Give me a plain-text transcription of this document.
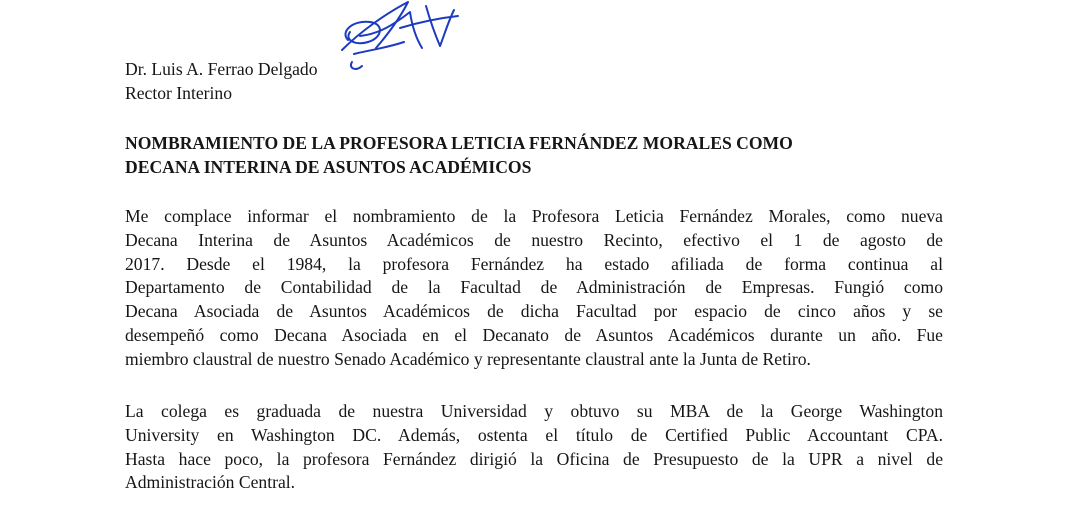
Dr. Luis A. Ferrao Delgado
Rector Interino
NOMBRAMIENTO DE LA PROFESORA LETICIA FERNÁNDEZ MORALES COMO
DECANA INTERINA DE ASUNTOS ACADÉMICOS
Me complace informar el nombramiento de la Profesora Leticia Fernández Morales, como nueva
Decana Interina de Asuntos Académicos de nuestro Recinto, efectivo el 1 de agosto de
2017. Desde el 1984, la profesora Fernández ha estado afiliada de forma continua al
Departamento de Contabilidad de la Facultad de Administración de Empresas. Fungió como
Decana Asociada de Asuntos Académicos de dicha Facultad por espacio de cinco años y se
desempeñó como Decana Asociada en el Decanato de Asuntos Académicos durante un año. Fue
miembro claustral de nuestro Senado Académico y representante claustral ante la Junta de Retiro.
La colega es graduada de nuestra Universidad y obtuvo su MBA de la George Washington
University en Washington DC. Además, ostenta el título de Certified Public Accountant CPA.
Hasta hace poco, la profesora Fernández dirigió la Oficina de Presupuesto de la UPR a nivel de
Administración Central.
